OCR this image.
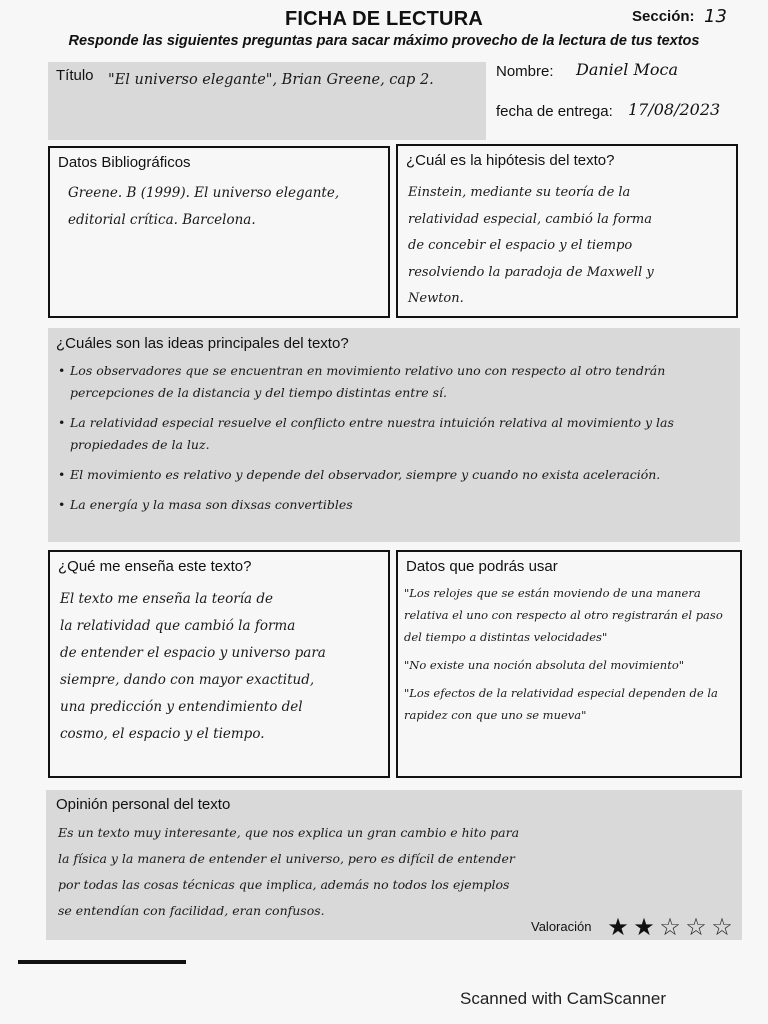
FICHA DE LECTURA
Responde las siguientes preguntas para sacar máximo provecho de la lectura de tus textos
Sección: 13
Título "El universo elegante", Brian Greene, cap 2.	Nombre: Daniel Moca
fecha de entrega: 17/08/2023
Datos Bibliográficos
Greene. B (1999). El universo elegante,
editorial crítica. Barcelona.
¿Cuál es la hipótesis del texto?
Einstein, mediante su teoría de la
relatividad especial, cambió la forma
de concebir el espacio y el tiempo
resolviendo la paradoja de Maxwell y
Newton.
¿Cuáles son las ideas principales del texto?
• Los observadores que se encuentran en movimiento relativo uno con respecto al otro tendrán percepciones de la distancia y del tiempo distintas entre sí.
• La relatividad especial resuelve el conflicto entre nuestra intuición relativa al movimiento y las propiedades de la luz.
• El movimiento es relativo y depende del observador, siempre y cuando no exista aceleración.
• La energía y la masa son dixsas convertibles
¿Qué me enseña este texto?
El texto me enseña la teoría de
la relatividad que cambió la forma
de entender el espacio y universo para
siempre, dando con mayor exactitud,
una predicción y entendimiento del
cosmo, el espacio y el tiempo.
Datos que podrás usar
"Los relojes que se están moviendo de una manera relativa el uno con respecto al otro registrarán el paso del tiempo a distintas velocidades"
"No existe una noción absoluta del movimiento"
"Los efectos de la relatividad especial dependen de la rapidez con que uno se mueva"
Opinión personal del texto
Es un texto muy interesante, que nos explica un gran cambio e hito para
la física y la manera de entender el universo, pero es difícil de entender
por todas las cosas técnicas que implica, además no todos los ejemplos
se entendían con facilidad, eran confusos.
Valoración ★ ★ ☆ ☆ ☆
Scanned with CamScanner
